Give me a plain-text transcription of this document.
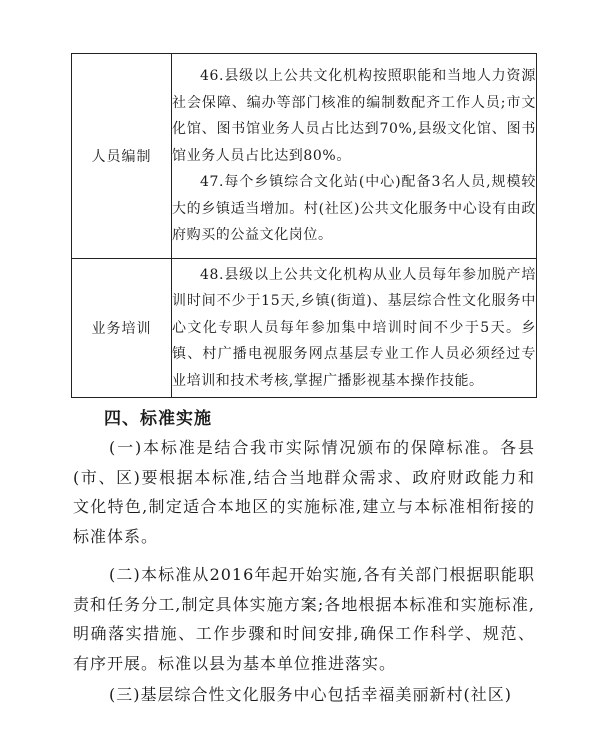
人员编制	46.县级以上公共文化机构按照职能和当地人力资源社会保障、编办等部门核准的编制数配齐工作人员;市文化馆、图书馆业务人员占比达到70%,县级文化馆、图书馆业务人员占比达到80%。

47.每个乡镇综合文化站(中心)配备3名人员,规模较大的乡镇适当增加。村(社区)公共文化服务中心设有由政府购买的公益文化岗位。

业务培训	48.县级以上公共文化机构从业人员每年参加脱产培训时间不少于15天,乡镇(街道)、基层综合性文化服务中心文化专职人员每年参加集中培训时间不少于5天。乡镇、村广播电视服务网点基层专业工作人员必须经过专业培训和技术考核,掌握广播影视基本操作技能。

四、标准实施

(一)本标准是结合我市实际情况颁布的保障标准。各县(市、区)要根据本标准,结合当地群众需求、政府财政能力和文化特色,制定适合本地区的实施标准,建立与本标准相衔接的标准体系。

(二)本标准从2016年起开始实施,各有关部门根据职能职责和任务分工,制定具体实施方案;各地根据本标准和实施标准,明确落实措施、工作步骤和时间安排,确保工作科学、规范、有序开展。标准以县为基本单位推进落实。

(三)基层综合性文化服务中心包括幸福美丽新村(社区)
